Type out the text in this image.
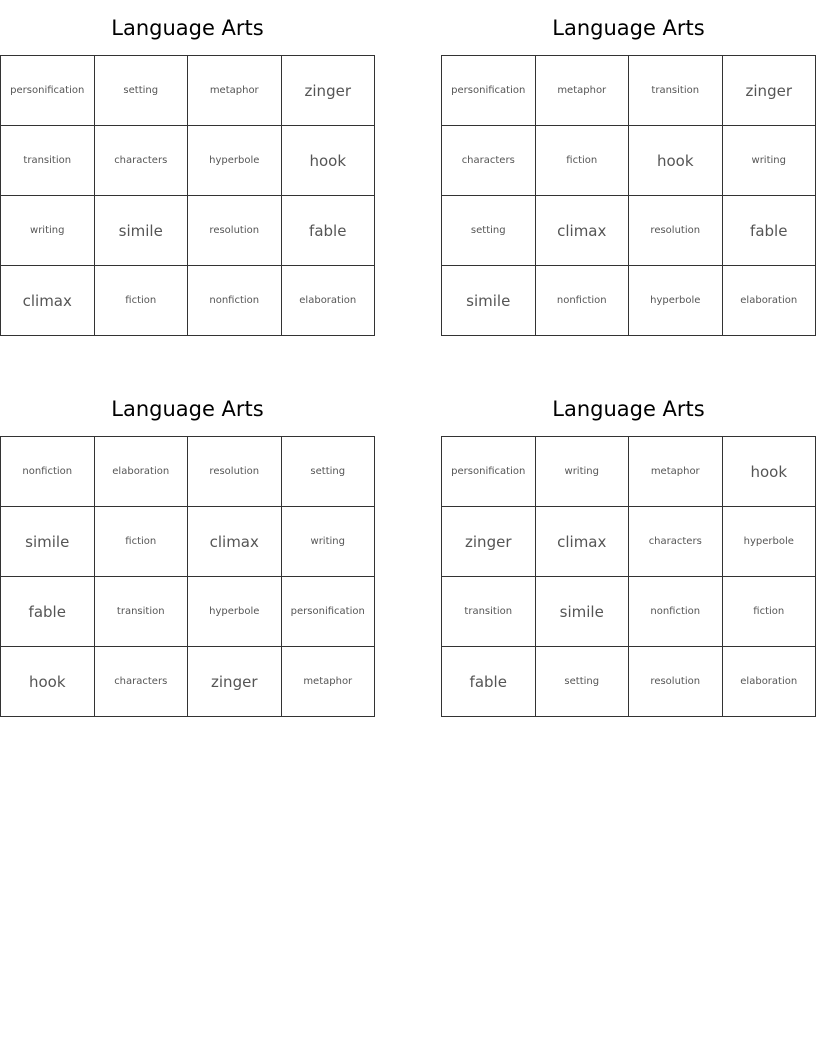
Language Arts
personification	setting	metaphor	zinger
transition	characters	hyperbole	hook
writing	simile	resolution	fable
climax	fiction	nonfiction	elaboration
Language Arts
personification	metaphor	transition	zinger
characters	fiction	hook	writing
setting	climax	resolution	fable
simile	nonfiction	hyperbole	elaboration
Language Arts
nonfiction	elaboration	resolution	setting
simile	fiction	climax	writing
fable	transition	hyperbole	personification
hook	characters	zinger	metaphor
Language Arts
personification	writing	metaphor	hook
zinger	climax	characters	hyperbole
transition	simile	nonfiction	fiction
fable	setting	resolution	elaboration
